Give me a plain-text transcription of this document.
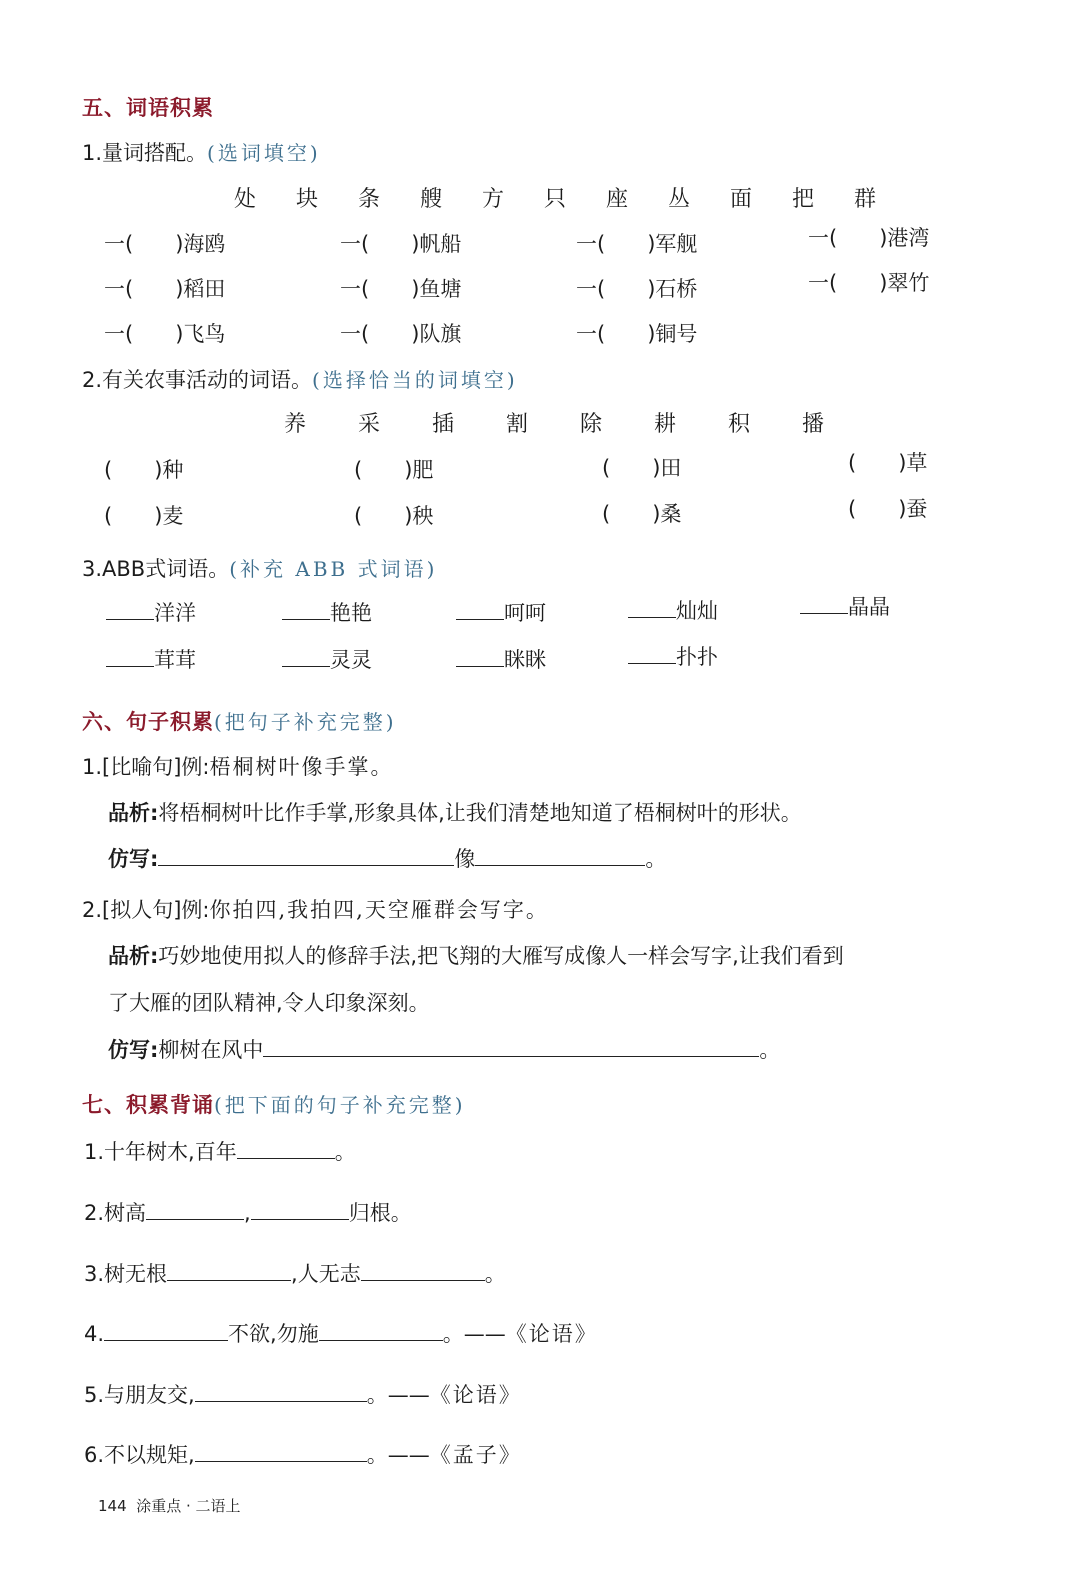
五、词语积累
1.量词搭配。(选词填空)
处 块 条 艘 方 只 座 丛 面 把 群
一(　　)海鸥	一(　　)帆船	一(　　)军舰	一(　　)港湾
一(　　)稻田	一(　　)鱼塘	一(　　)石桥	一(　　)翠竹
一(　　)飞鸟	一(　　)队旗	一(　　)铜号
2.有关农事活动的词语。(选择恰当的词填空)
养 采 插 割 除 耕 积 播
(　　)种	(　　)肥	(　　)田	(　　)草
(　　)麦	(　　)秧	(　　)桑	(　　)蚕
3.ABB式词语。(补充 ABB 式词语)
洋洋	艳艳	呵呵	灿灿	晶晶
茸茸	灵灵	眯眯	扑扑
六、句子积累(把句子补充完整)
1.[比喻句]例:梧桐树叶像手掌。
品析:将梧桐树叶比作手掌,形象具体,让我们清楚地知道了梧桐树叶的形状。
仿写:	像	。
2.[拟人句]例:你拍四,我拍四,天空雁群会写字。
品析:巧妙地使用拟人的修辞手法,把飞翔的大雁写成像人一样会写字,让我们看到
了大雁的团队精神,令人印象深刻。
仿写:柳树在风中	。
七、积累背诵(把下面的句子补充完整)
1.十年树木,百年	。
2.树高	,	归根。
3.树无根	,人无志	。
4.	不欲,勿施	。——《论语》
5.与朋友交,	。——《论语》
6.不以规矩,	。——《孟子》
144 涂重点 · 二语上
